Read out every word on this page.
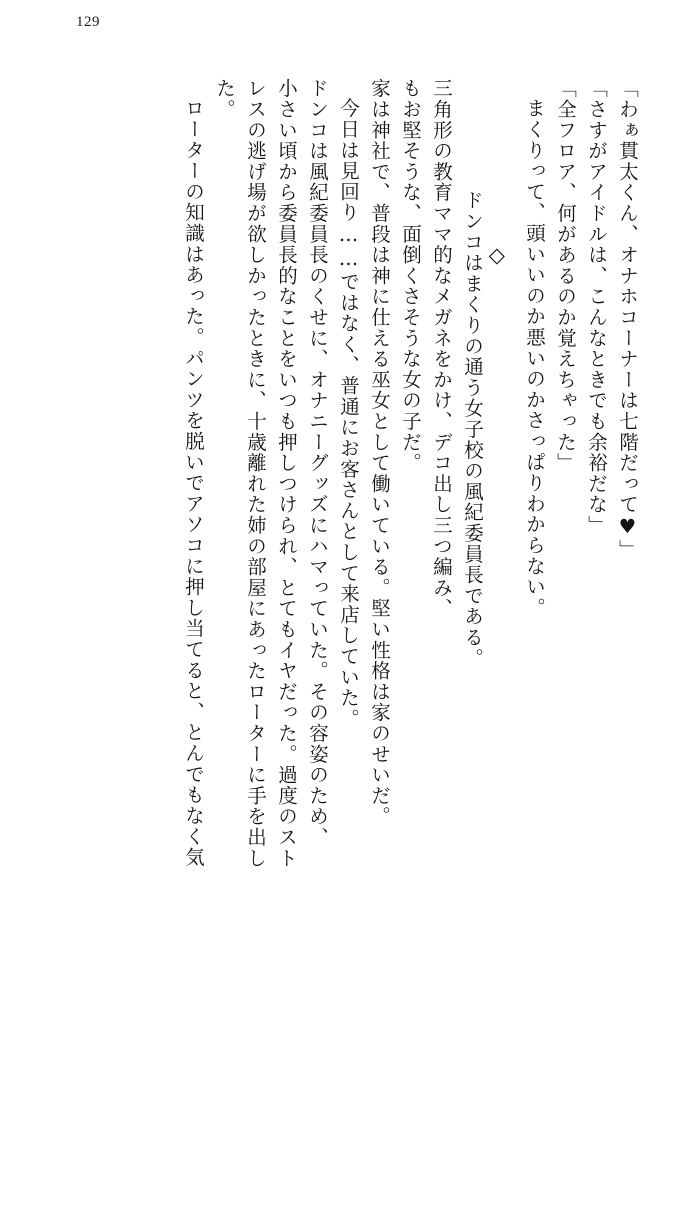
129
「わぁ貫太くん、オナホコーナーは七階だって♥」
「さすがアイドルは、こんなときでも余裕だな」
「全フロア、何があるのか覚えちゃった」
まくりって、頭いいのか悪いのかさっぱりわからない。
◇
ドンコはまくりの通う女子校の風紀委員長である。
三角形の教育ママ的なメガネをかけ、デコ出し三つ編み、
もお堅そうな、面倒くさそうな女の子だ。
家は神社で、普段は神に仕える巫女として働いている。堅い性格は家のせいだ。
今日は見回り……ではなく、普通にお客さんとして来店していた。
ドンコは風紀委員長のくせに、オナニーグッズにハマっていた。その容姿のため、
小さい頃から委員長的なことをいつも押しつけられ、とてもイヤだった。過度のスト
レスの逃げ場が欲しかったときに、十歳離れた姉の部屋にあったローターに手を出し
た。
ローターの知識はあった。パンツを脱いでアソコに押し当てると、とんでもなく気
